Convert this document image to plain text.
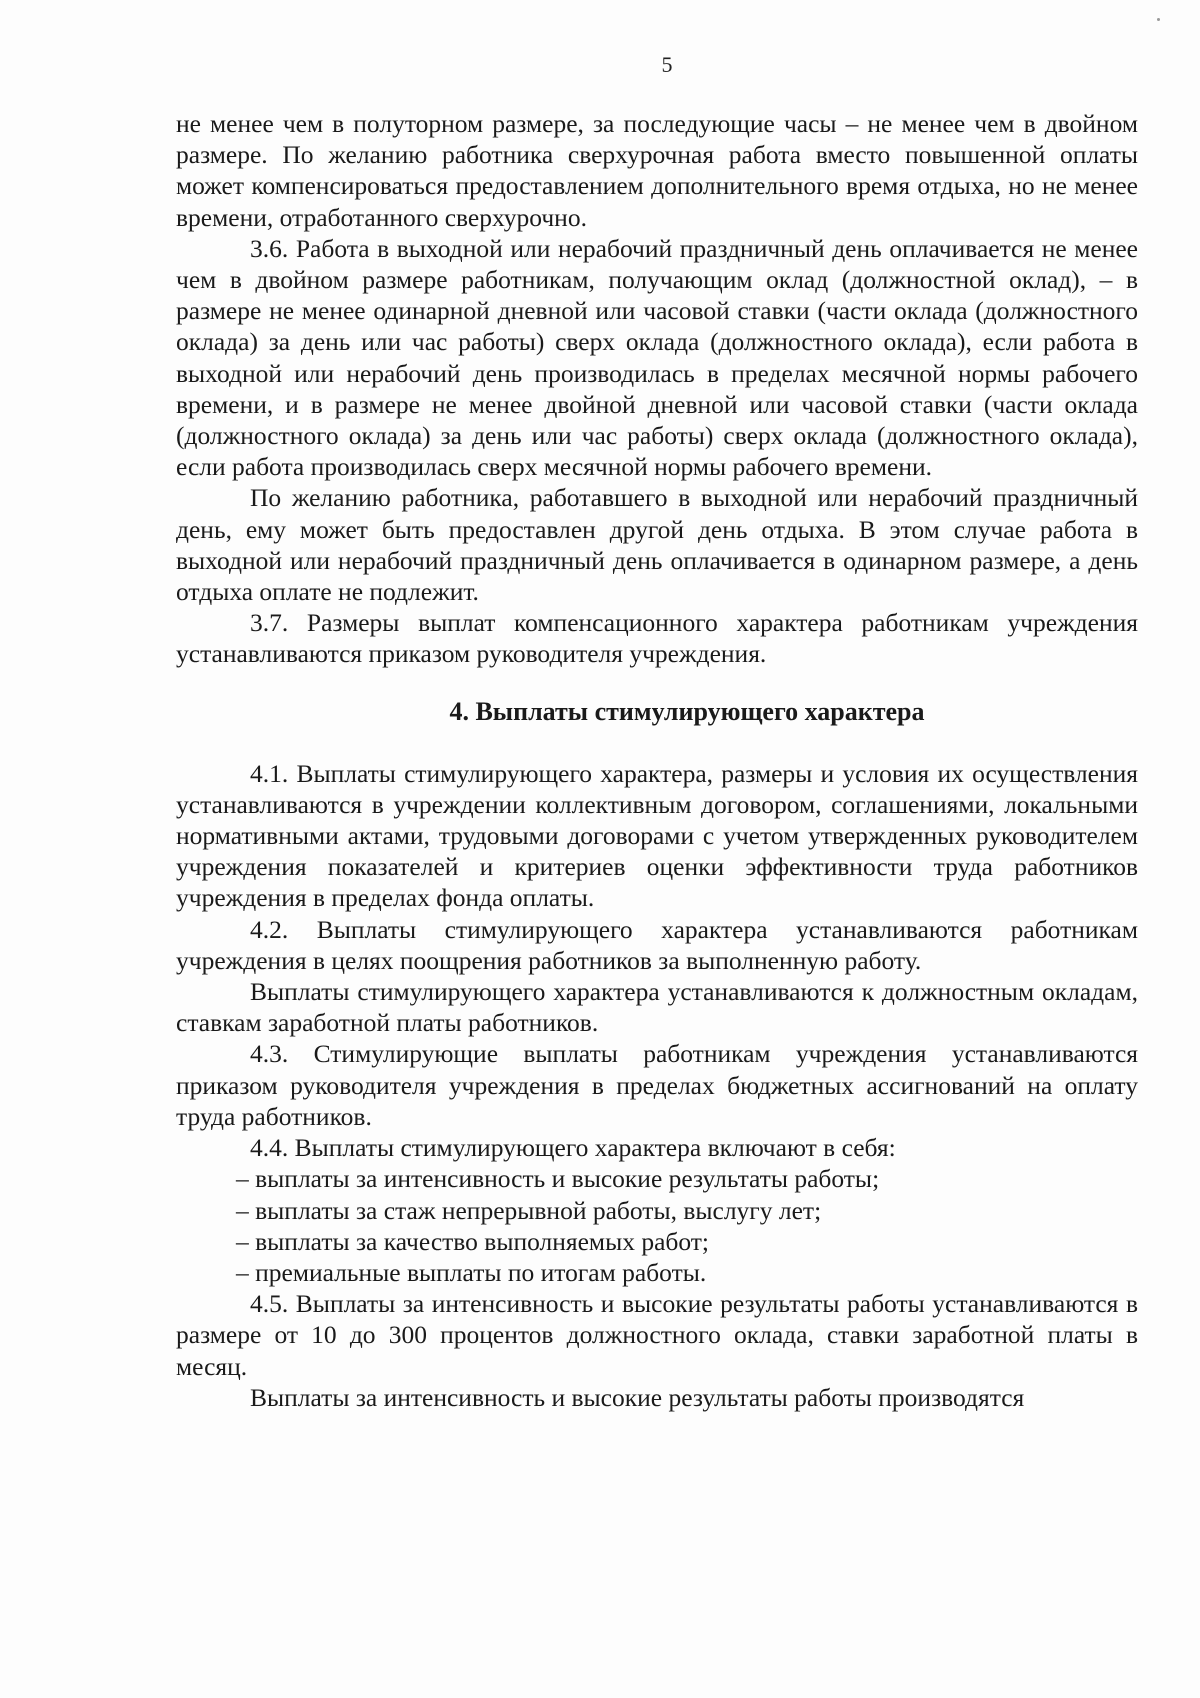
5

не менее чем в полуторном размере, за последующие часы – не менее чем в двойном размере. По желанию работника сверхурочная работа вместо повышенной оплаты может компенсироваться предоставлением дополнительного время отдыха, но не менее времени, отработанного сверхурочно.

3.6. Работа в выходной или нерабочий праздничный день оплачивается не менее чем в двойном размере работникам, получающим оклад (должностной оклад), – в размере не менее одинарной дневной или часовой ставки (части оклада (должностного оклада) за день или час работы) сверх оклада (должностного оклада), если работа в выходной или нерабочий день производилась в пределах месячной нормы рабочего времени, и в размере не менее двойной дневной или часовой ставки (части оклада (должностного оклада) за день или час работы) сверх оклада (должностного оклада), если работа производилась сверх месячной нормы рабочего времени.

По желанию работника, работавшего в выходной или нерабочий праздничный день, ему может быть предоставлен другой день отдыха. В этом случае работа в выходной или нерабочий праздничный день оплачивается в одинарном размере, а день отдыха оплате не подлежит.

3.7. Размеры выплат компенсационного характера работникам учреждения устанавливаются приказом руководителя учреждения.

4. Выплаты стимулирующего характера

4.1. Выплаты стимулирующего характера, размеры и условия их осуществления устанавливаются в учреждении коллективным договором, соглашениями, локальными нормативными актами, трудовыми договорами с учетом утвержденных руководителем учреждения показателей и критериев оценки эффективности труда работников учреждения в пределах фонда оплаты.

4.2. Выплаты стимулирующего характера устанавливаются работникам учреждения в целях поощрения работников за выполненную работу.

Выплаты стимулирующего характера устанавливаются к должностным окладам, ставкам заработной платы работников.

4.3. Стимулирующие выплаты работникам учреждения устанавливаются приказом руководителя учреждения в пределах бюджетных ассигнований на оплату труда работников.

4.4. Выплаты стимулирующего характера включают в себя:

– выплаты за интенсивность и высокие результаты работы;

– выплаты за стаж непрерывной работы, выслугу лет;

– выплаты за качество выполняемых работ;

– премиальные выплаты по итогам работы.

4.5. Выплаты за интенсивность и высокие результаты работы устанавливаются в размере от 10 до 300 процентов должностного оклада, ставки заработной платы в месяц.

Выплаты за интенсивность и высокие результаты работы производятся
